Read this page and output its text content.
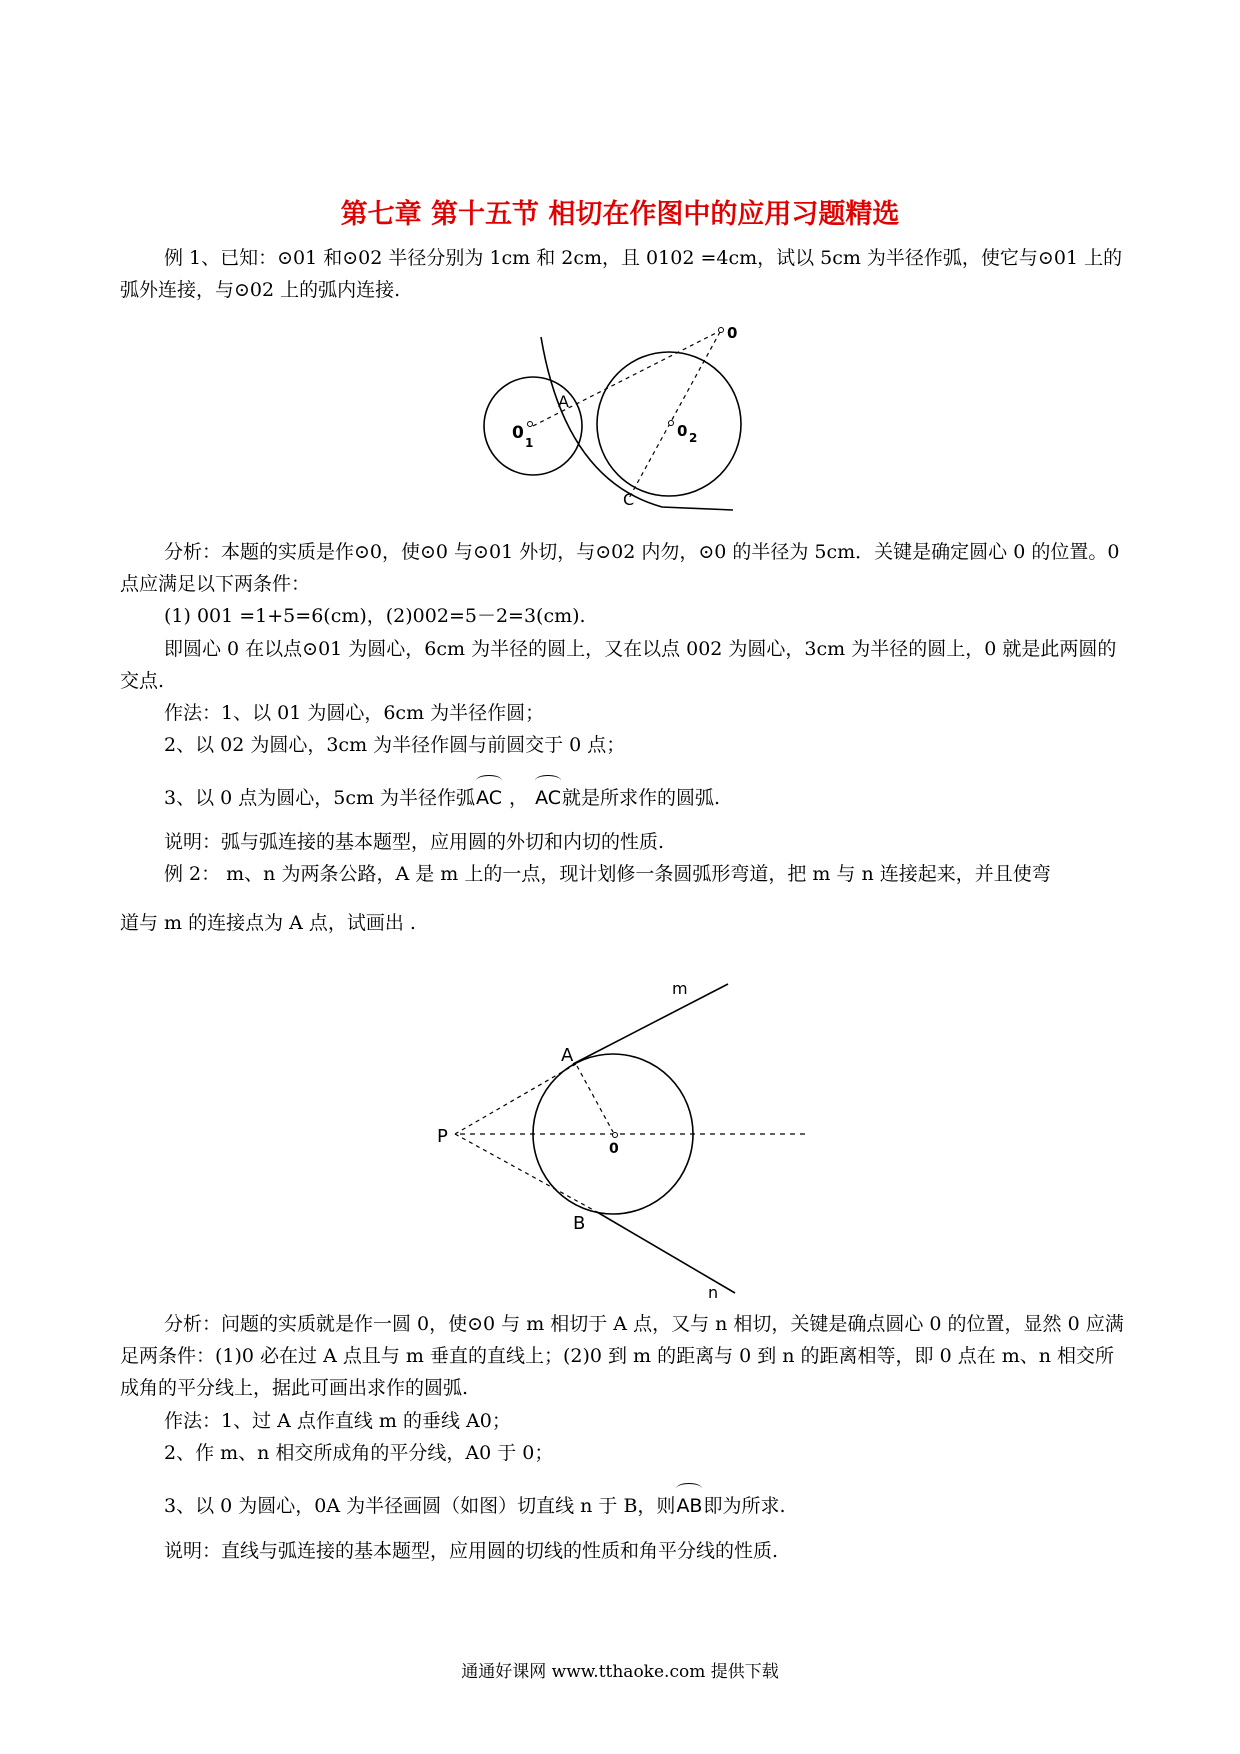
第七章 第十五节 相切在作图中的应用习题精选

例 1、已知：⊙01 和⊙02 半径分别为 1cm 和 2cm，且 0102 =4cm，试以 5cm 为半径作弧，使它与⊙01 上的弧外连接，与⊙02 上的弧内连接.

0
0 1
0 2
A
C
m
n
A
B
P
0

分析：本题的实质是作⊙0，使⊙0 与⊙01 外切，与⊙02 内勿，⊙0 的半径为 5cm．关键是确定圆心 0 的位置。0 点应满足以下两条件：

(1) 001 =1+5=6(cm)，(2)002=5－2=3(cm).

即圆心 0 在以点⊙01 为圆心，6cm 为半径的圆上，又在以点 002 为圆心，3cm 为半径的圆上，0 就是此两圆的交点.

作法：1、以 01 为圆心，6cm 为半径作圆；

2、以 02 为圆心，3cm 为半径作圆与前圆交于 0 点；

3、以 0 点为圆心，5cm 为半径作弧AC ， AC就是所求作的圆弧.

说明：弧与弧连接的基本题型，应用圆的外切和内切的性质.

例 2： m、n 为两条公路，A 是 m 上的一点，现计划修一条圆弧形弯道，把 m 与 n 连接起来，并且使弯

道与 m 的连接点为 A 点，试画出 .

分析：问题的实质就是作一圆 0，使⊙0 与 m 相切于 A 点，又与 n 相切，关键是确点圆心 0 的位置，显然 0 应满足两条件：(1)0 必在过 A 点且与 m 垂直的直线上；(2)0 到 m 的距离与 0 到 n 的距离相等，即 0 点在 m、n 相交所成角的平分线上，据此可画出求作的圆弧.

作法：1、过 A 点作直线 m 的垂线 A0；

2、作 m、n 相交所成角的平分线，A0 于 0；

3、以 0 为圆心，0A 为半径画圆（如图）切直线 n 于 B，则AB即为所求.

说明：直线与弧连接的基本题型，应用圆的切线的性质和角平分线的性质.

通通好课网 www.tthaoke.com 提供下载
